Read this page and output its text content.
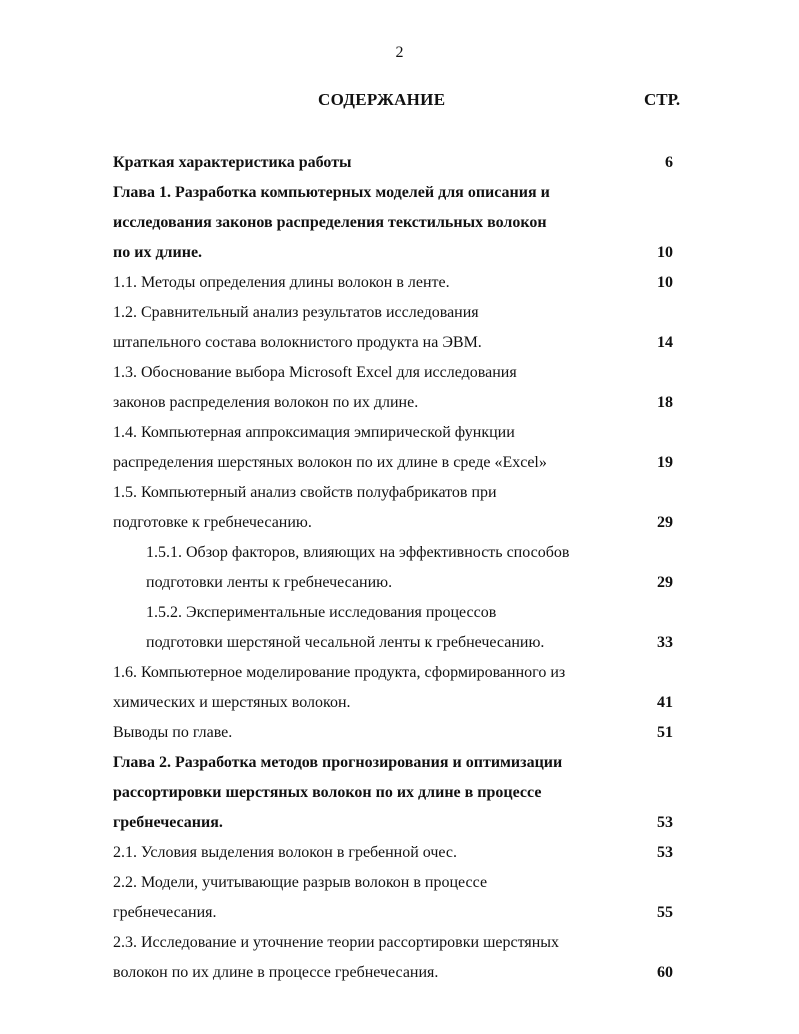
2
СОДЕРЖАНИЕ	СТР.
Краткая характеристика работы	6
Глава 1. Разработка компьютерных моделей для описания и
исследования законов распределения текстильных волокон
по их длине.	10
1.1. Методы определения длины волокон в ленте.	10
1.2. Сравнительный анализ результатов исследования
штапельного состава волокнистого продукта на ЭВМ.	14
1.3. Обоснование выбора Microsoft Excel для исследования
законов распределения волокон по их длине.	18
1.4. Компьютерная аппроксимация эмпирической функции
распределения шерстяных волокон по их длине в среде «Excel»	19
1.5. Компьютерный анализ свойств полуфабрикатов при
подготовке к гребнечесанию.	29
1.5.1. Обзор факторов, влияющих на эффективность способов
подготовки ленты к гребнечесанию.	29
1.5.2. Экспериментальные исследования процессов
подготовки шерстяной чесальной ленты к гребнечесанию.	33
1.6. Компьютерное моделирование продукта, сформированного из
химических и шерстяных волокон.	41
Выводы по главе.	51
Глава 2. Разработка методов прогнозирования и оптимизации
рассортировки шерстяных волокон по их длине в процессе
гребнечесания.	53
2.1. Условия выделения волокон в гребенной очес.	53
2.2. Модели, учитывающие разрыв волокон в процессе
гребнечесания.	55
2.3. Исследование и уточнение теории рассортировки шерстяных
волокон по их длине в процессе гребнечесания.	60
